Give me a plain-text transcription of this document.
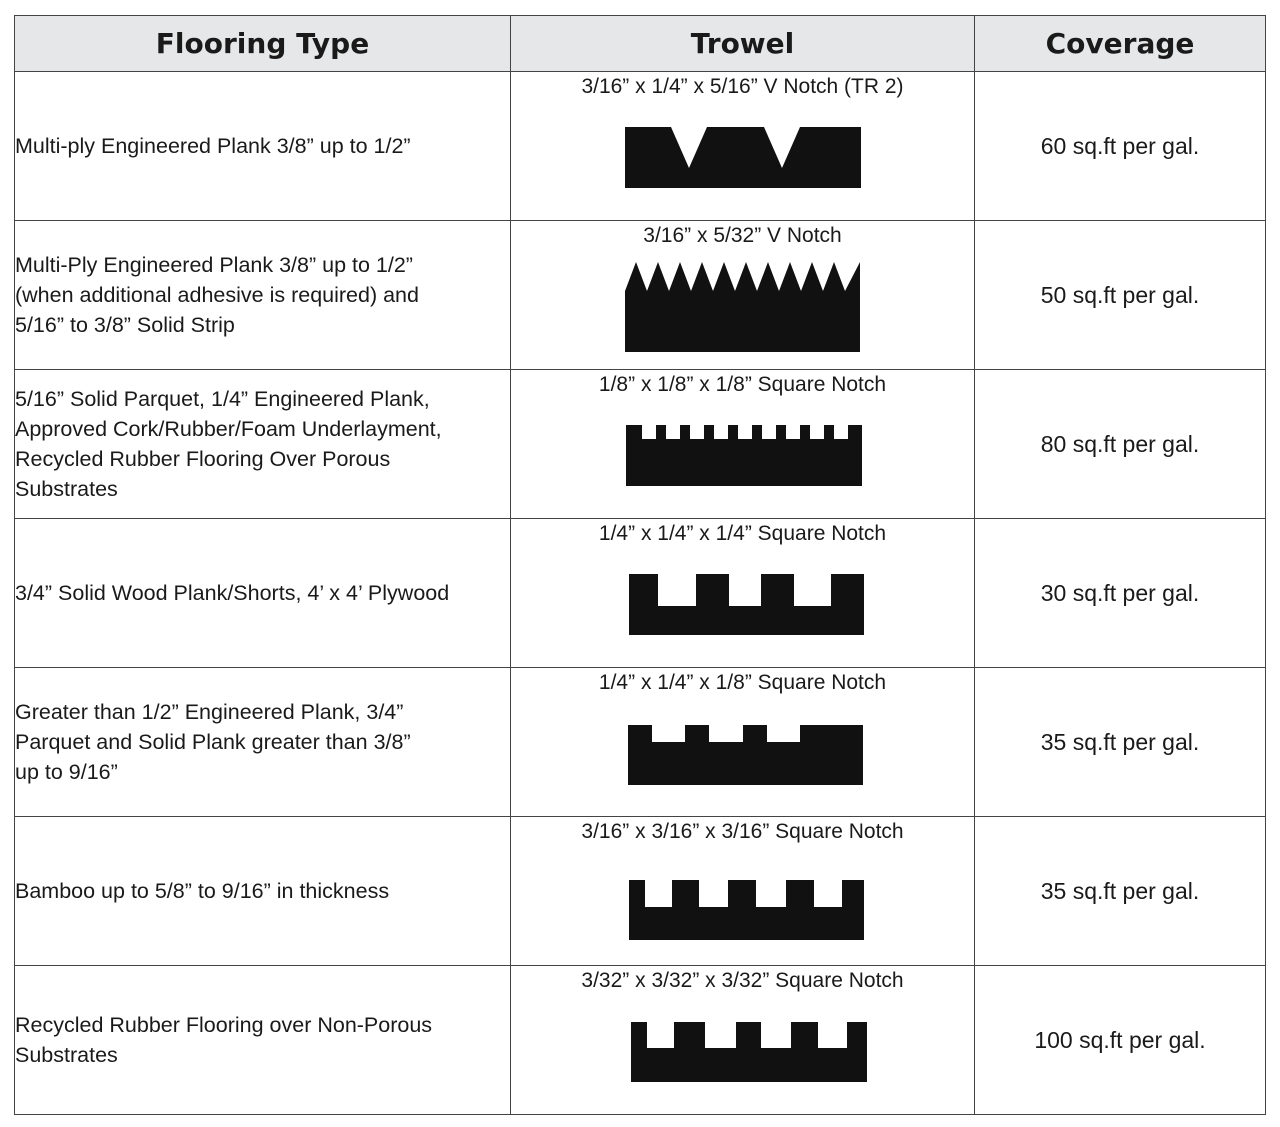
Flooring Type	Trowel	Coverage

Multi-ply Engineered Plank 3/8” up to 1/2”	3/16” x 1/4” x 5/16” V Notch (TR 2)	60 sq.ft per gal.

Multi-Ply Engineered Plank 3/8” up to 1/2”
(when additional adhesive is required) and
5/16” to 3/8” Solid Strip	3/16” x 5/32” V Notch	50 sq.ft per gal.

5/16” Solid Parquet, 1/4” Engineered Plank,
Approved Cork/Rubber/Foam Underlayment,
Recycled Rubber Flooring Over Porous
Substrates	1/8” x 1/8” x 1/8” Square Notch	80 sq.ft per gal.

3/4” Solid Wood Plank/Shorts, 4’ x 4’ Plywood	1/4” x 1/4” x 1/4” Square Notch	30 sq.ft per gal.

Greater than 1/2” Engineered Plank, 3/4”
Parquet and Solid Plank greater than 3/8”
up to 9/16”	1/4” x 1/4” x 1/8” Square Notch	35 sq.ft per gal.

Bamboo up to 5/8” to 9/16” in thickness	3/16” x 3/16” x 3/16” Square Notch	35 sq.ft per gal.

Recycled Rubber Flooring over Non-Porous
Substrates	3/32” x 3/32” x 3/32” Square Notch	100 sq.ft per gal.
